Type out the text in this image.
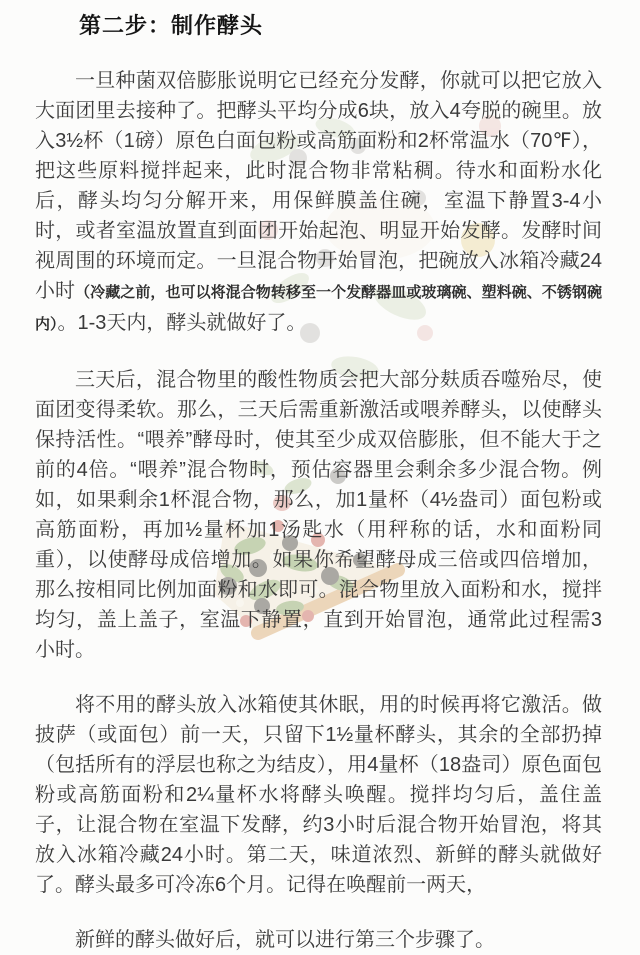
第二步：制作酵头

一旦种菌双倍膨胀说明它已经充分发酵，你就可以把它放入大面团里去接种了。把酵头平均分成6块，放入4夸脱的碗里。放入3½杯（1磅）原色白面包粉或高筋面粉和2杯常温水（70℉），把这些原料搅拌起来，此时混合物非常粘稠。待水和面粉水化后，酵头均匀分解开来，用保鲜膜盖住碗，室温下静置3-4小时，或者室温放置直到面团开始起泡、明显开始发酵。发酵时间视周围的环境而定。一旦混合物开始冒泡，把碗放入冰箱冷藏24小时（冷藏之前，也可以将混合物转移至一个发酵器皿或玻璃碗、塑料碗、不锈钢碗内）。1-3天内，酵头就做好了。

三天后，混合物里的酸性物质会把大部分麸质吞噬殆尽，使面团变得柔软。那么，三天后需重新激活或喂养酵头，以使酵头保持活性。“喂养”酵母时，使其至少成双倍膨胀，但不能大于之前的4倍。“喂养”混合物时，预估容器里会剩余多少混合物。例如，如果剩余1杯混合物，那么，加1量杯（4½盎司）面包粉或高筋面粉，再加½量杯加1汤匙水（用秤称的话，水和面粉同重），以使酵母成倍增加。如果你希望酵母成三倍或四倍增加，那么按相同比例加面粉和水即可。混合物里放入面粉和水，搅拌均匀，盖上盖子，室温下静置，直到开始冒泡，通常此过程需3小时。

将不用的酵头放入冰箱使其休眠，用的时候再将它激活。做披萨（或面包）前一天，只留下1½量杯酵头，其余的全部扔掉（包括所有的浮层也称之为结皮），用4量杯（18盎司）原色面包粉或高筋面粉和2¼量杯水将酵头唤醒。搅拌均匀后，盖住盖子，让混合物在室温下发酵，约3小时后混合物开始冒泡，将其放入冰箱冷藏24小时。第二天，味道浓烈、新鲜的酵头就做好了。酵头最多可冷冻6个月。记得在唤醒前一两天，

新鲜的酵头做好后，就可以进行第三个步骤了。
